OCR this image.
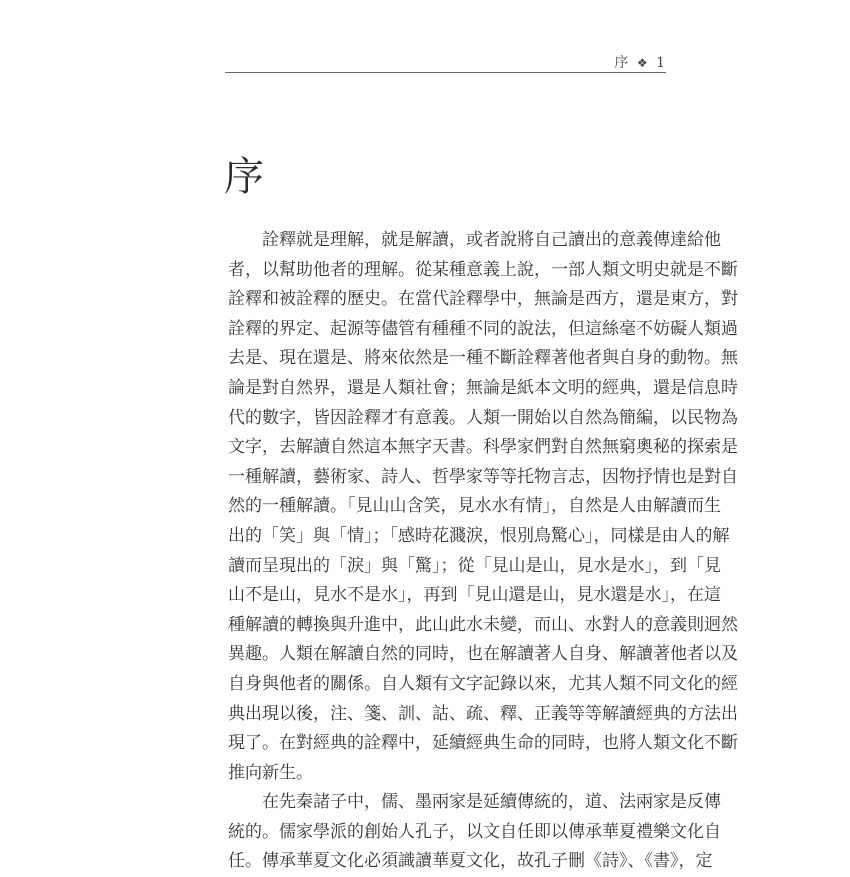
序 ❖ 1
序
　　詮釋就是理解，就是解讀，或者說將自己讀出的意義傳達給他
者，以幫助他者的理解。從某種意義上說，一部人類文明史就是不斷
詮釋和被詮釋的歷史。在當代詮釋學中，無論是西方，還是東方，對
詮釋的界定、起源等儘管有種種不同的說法，但這絲毫不妨礙人類過
去是、現在還是、將來依然是一種不斷詮釋著他者與自身的動物。無
論是對自然界，還是人類社會；無論是紙本文明的經典，還是信息時
代的數字，皆因詮釋才有意義。人類一開始以自然為簡編，以民物為
文字，去解讀自然這本無字天書。科學家們對自然無窮奧秘的探索是
一種解讀，藝術家、詩人、哲學家等等托物言志，因物抒情也是對自
然的一種解讀。「見山山含笑，見水水有情」，自然是人由解讀而生
出的「笑」與「情」；「感時花濺淚，恨別鳥驚心」，同樣是由人的解
讀而呈現出的「淚」與「驚」；從「見山是山，見水是水」，到「見
山不是山，見水不是水」，再到「見山還是山，見水還是水」，在這
種解讀的轉換與升進中，此山此水未變，而山、水對人的意義則迥然
異趣。人類在解讀自然的同時，也在解讀著人自身、解讀著他者以及
自身與他者的關係。自人類有文字記錄以來，尤其人類不同文化的經
典出現以後，注、箋、訓、詁、疏、釋、正義等等解讀經典的方法出
現了。在對經典的詮釋中，延續經典生命的同時，也將人類文化不斷
推向新生。
　　在先秦諸子中，儒、墨兩家是延續傳統的，道、法兩家是反傳
統的。儒家學派的創始人孔子，以文自任即以傳承華夏禮樂文化自
任。傳承華夏文化必須識讀華夏文化，故孔子刪《詩》、《書》，定
